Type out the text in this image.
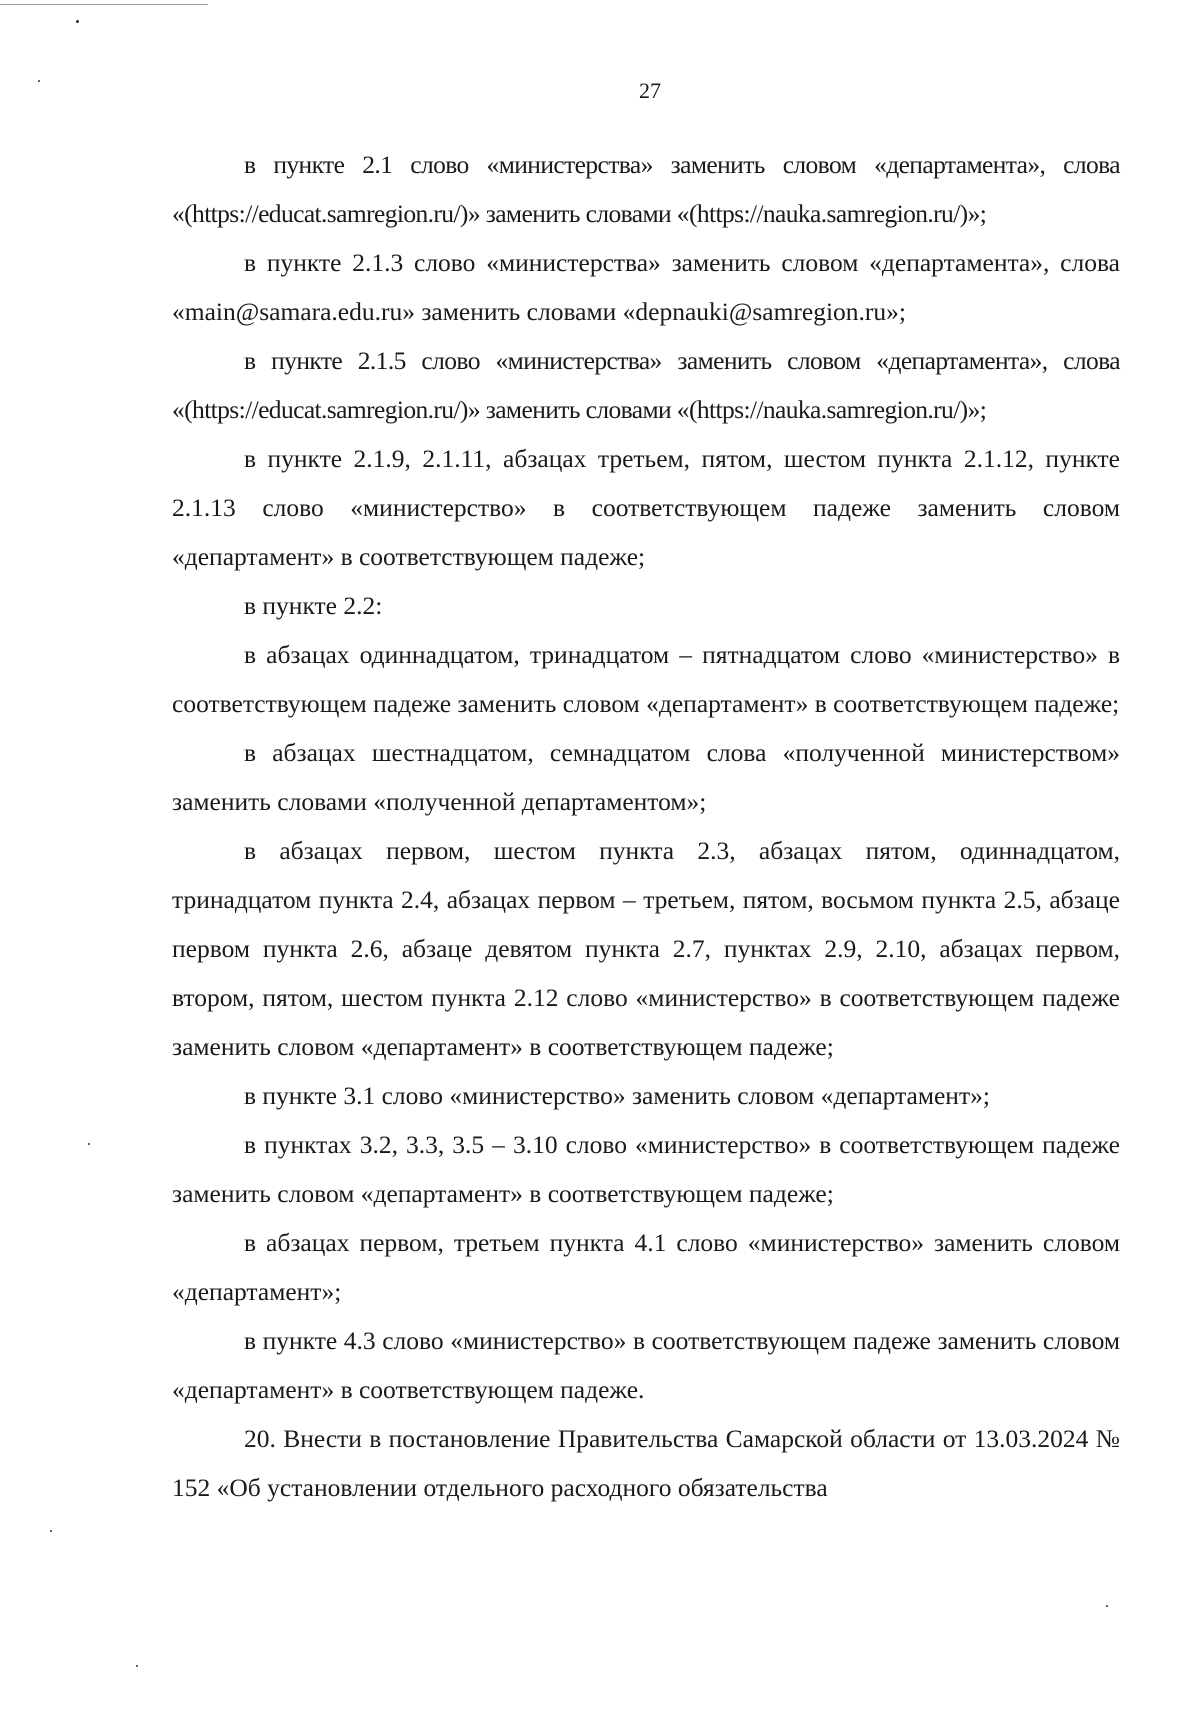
27

в пункте 2.1 слово «министерства» заменить словом «департамента», слова «(https://educat.samregion.ru/)» заменить словами «(https://nauka.samregion.ru/)»;

в пункте 2.1.3 слово «министерства» заменить словом «департамента», слова «main@samara.edu.ru» заменить словами «depnauki@samregion.ru»;

в пункте 2.1.5 слово «министерства» заменить словом «департамента», слова «(https://educat.samregion.ru/)» заменить словами «(https://nauka.samregion.ru/)»;

в пункте 2.1.9, 2.1.11, абзацах третьем, пятом, шестом пункта 2.1.12, пункте 2.1.13 слово «министерство» в соответствующем падеже заменить словом «департамент» в соответствующем падеже;

в пункте 2.2:

в абзацах одиннадцатом, тринадцатом – пятнадцатом слово «министерство» в соответствующем падеже заменить словом «департамент» в соответствующем падеже;

в абзацах шестнадцатом, семнадцатом слова «полученной министерством» заменить словами «полученной департаментом»;

в абзацах первом, шестом пункта 2.3, абзацах пятом, одиннадцатом, тринадцатом пункта 2.4, абзацах первом – третьем, пятом, восьмом пункта 2.5, абзаце первом пункта 2.6, абзаце девятом пункта 2.7, пунктах 2.9, 2.10, абзацах первом, втором, пятом, шестом пункта 2.12 слово «министерство» в соответствующем падеже заменить словом «департамент» в соответствующем падеже;

в пункте 3.1 слово «министерство» заменить словом «департамент»;

в пунктах 3.2, 3.3, 3.5 – 3.10 слово «министерство» в соответствующем падеже заменить словом «департамент» в соответствующем падеже;

в абзацах первом, третьем пункта 4.1 слово «министерство» заменить словом «департамент»;

в пункте 4.3 слово «министерство» в соответствующем падеже заменить словом «департамент» в соответствующем падеже.

20. Внести в постановление Правительства Самарской области от 13.03.2024 № 152 «Об установлении отдельного расходного обязательства
